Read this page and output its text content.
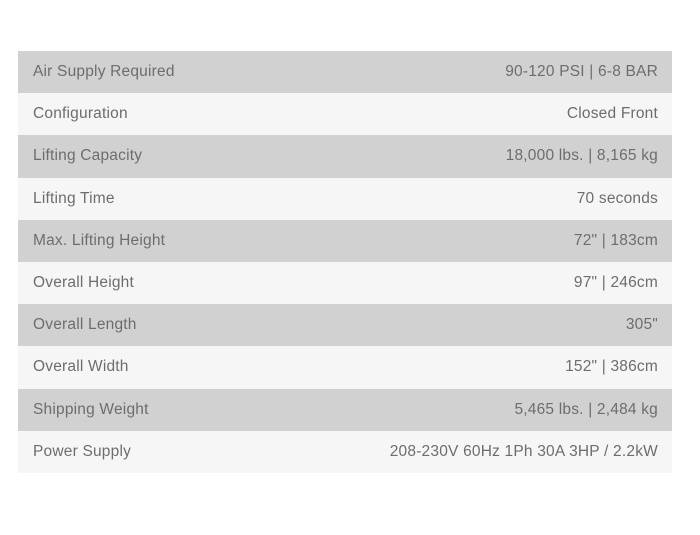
Air Supply Required	90-120 PSI | 6-8 BAR
Configuration	Closed Front
Lifting Capacity	18,000 lbs. | 8,165 kg
Lifting Time	70 seconds
Max. Lifting Height	72" | 183cm
Overall Height	97" | 246cm
Overall Length	305"
Overall Width	152" | 386cm
Shipping Weight	5,465 lbs. | 2,484 kg
Power Supply	208-230V 60Hz 1Ph 30A 3HP / 2.2kW
